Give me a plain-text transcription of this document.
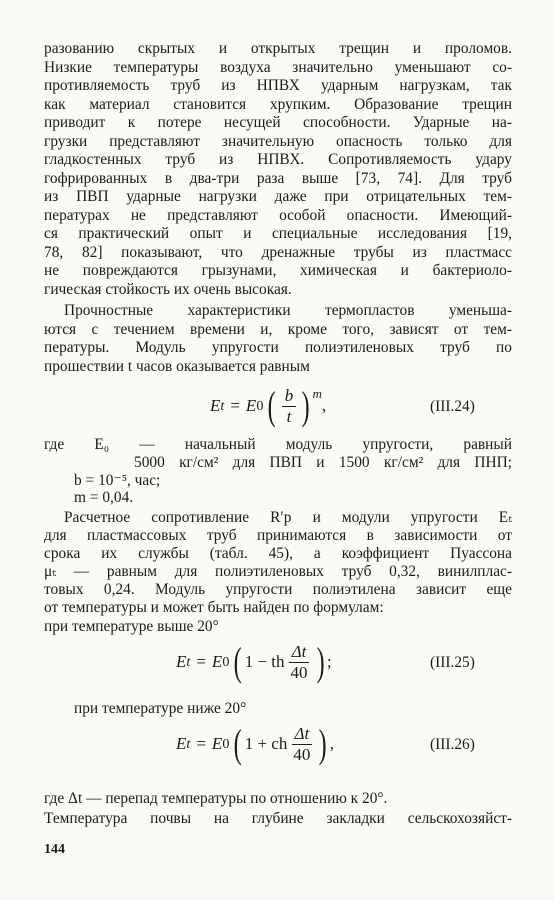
разованию скрытых и открытых трещин и проломов.
Низкие температуры воздуха значительно уменьшают со-
противляемость труб из НПВХ ударным нагрузкам, так
как материал становится хрупким. Образование трещин
приводит к потере несущей способности. Ударные на-
грузки представляют значительную опасность только для
гладкостенных труб из НПВХ. Сопротивляемость удару
гофрированных в два-три раза выше [73, 74]. Для труб
из ПВП ударные нагрузки даже при отрицательных тем-
пературах не представляют особой опасности. Имеющий-
ся практический опыт и специальные исследования [19,
78, 82] показывают, что дренажные трубы из пластмасс
не повреждаются грызунами, химическая и бактериоло-
гическая стойкость их очень высокая.
Прочностные характеристики термопластов уменьша-
ются с течением времени и, кроме того, зависят от тем-
пературы. Модуль упругости полиэтиленовых труб по
прошествии t часов оказывается равным
E t = E 0 ( $\frac{b}{t}$ ) $^m$
,	(III.24)
где E₀ — начальный модуль упругости, равный
5000 кг/см² для ПВП и 1500 кг/см² для ПНП;
b = 10⁻⁵, час;
m = 0,04.
Расчетное сопротивление R′р и модули упругости Eₜ
для пластмассовых труб принимаются в зависимости от
срока их службы (табл. 45), а коэффициент Пуассона
μₜ — равным для полиэтиленовых труб 0,32, винилплас-
товых 0,24. Модуль упругости полиэтилена зависит еще
от температуры и может быть найден по формулам:
при температуре выше 20°
E t = E 0 ( 1 − th $\frac{\Delta t}{40}$ ) ;	(III.25)
при температуре ниже 20°
E t = E 0 ( 1 + ch $\frac{\Delta t}{40}$ ) ,	(III.26)
где Δt — перепад температуры по отношению к 20°.
Температура почвы на глубине закладки сельскохозяйст-
144
